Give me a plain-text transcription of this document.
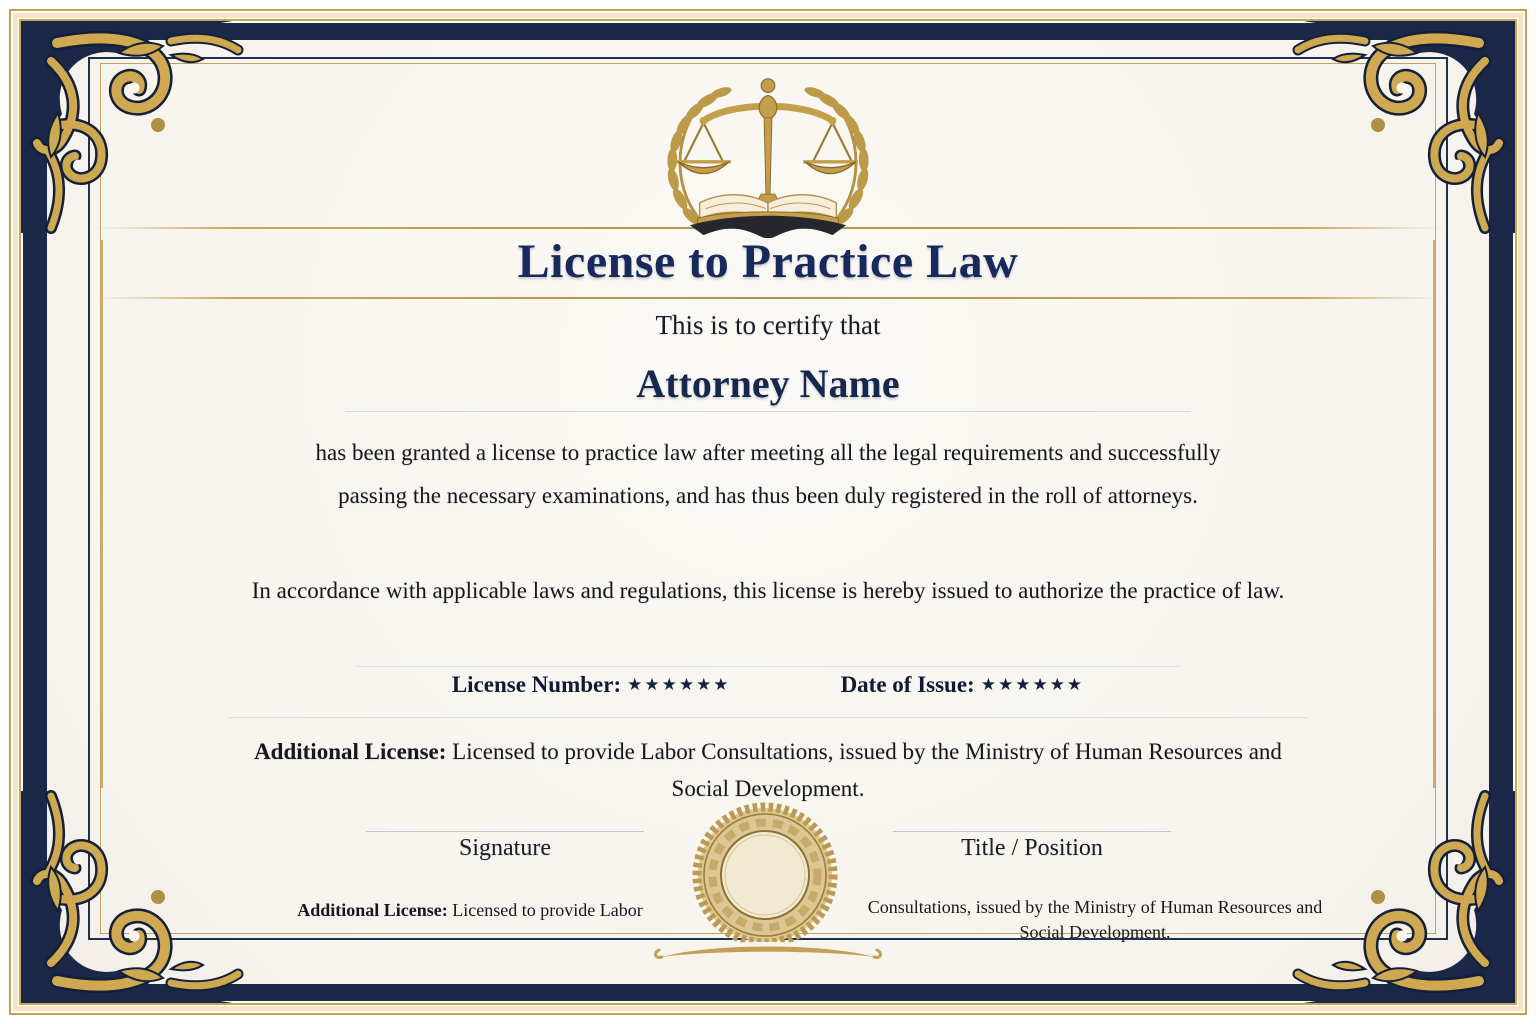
License to Practice Law
This is to certify that
Attorney Name
has been granted a license to practice law after meeting all the legal requirements and successfully passing the necessary examinations, and has thus been duly registered in the roll of attorneys.
In accordance with applicable laws and regulations, this license is hereby issued to authorize the practice of law.
License Number: ★★★★★★	Date of Issue: ★★★★★★
Additional License: Licensed to provide Labor Consultations, issued by the Ministry of Human Resources and Social Development.
Signature	Title / Position
Additional License: Licensed to provide Labor	Consultations, issued by the Ministry of Human Resources and Social Development.
